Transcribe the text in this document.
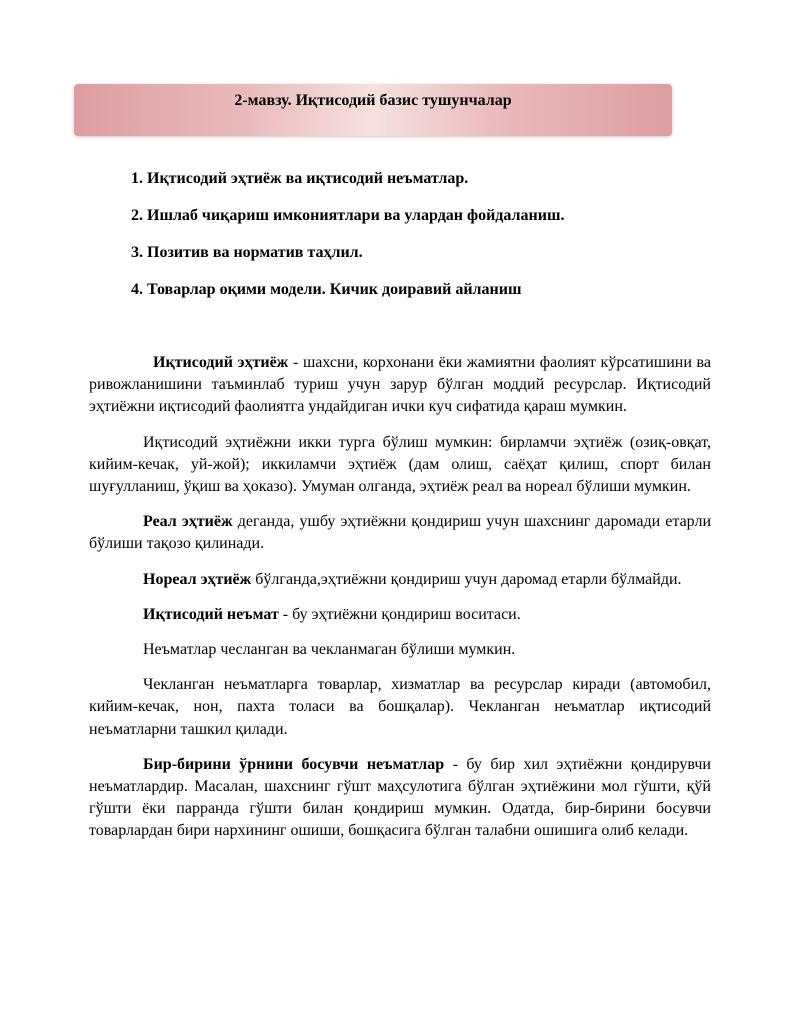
2-мавзу. Иқтисодий базис тушунчалар
1. Иқтисодий эҳтиёж ва иқтисодий неъматлар.
2. Ишлаб чиқариш имкониятлари ва улардан фойдаланиш.
3. Позитив ва норматив таҳлил.
4. Товарлар оқими модели. Кичик доиравий айланиш

Иқтисодий эҳтиёж - шахсни, корхонани ёки жамиятни фаолият кўрсатишини ва ривожланишини таъминлаб туриш учун зарур бўлган моддий ресурслар. Иқтисодий эҳтиёжни иқтисодий фаолиятга ундайдиган ички куч сифатида қараш мумкин.

Иқтисодий эҳтиёжни икки турга бўлиш мумкин: бирламчи эҳтиёж (озиқ-овқат, кийим-кечак, уй-жой); иккиламчи эҳтиёж (дам олиш, саёҳат қилиш, спорт билан шуғулланиш, ўқиш ва ҳоказо). Умуман олганда, эҳтиёж реал ва нореал бўлиши мумкин.

Реал эҳтиёж деганда, ушбу эҳтиёжни қондириш учун шахснинг даромади етарли бўлиши тақозо қилинади.

Нореал эҳтиёж бўлганда,эҳтиёжни қондириш учун даромад етарли бўлмайди.

Иқтисодий неъмат - бу эҳтиёжни қондириш воситаси.

Неъматлар чеcланган ва чекланмаган бўлиши мумкин.

Чекланган неъматларга товарлар, хизматлар ва ресурслар киради (автомобил, кийим-кечак, нон, пахта толаси ва бошқалар). Чекланган неъматлар иқтисодий неъматларни ташкил қилади.

Бир-бирини ўрнини босувчи неъматлар - бу бир хил эҳтиёжни қондирувчи неъматлардир. Масалан, шахснинг гўшт маҳсулотига бўлган эҳтиёжини мол гўшти, қўй гўшти ёки парранда гўшти билан қондириш мумкин. Одатда, бир-бирини босувчи товарлардан бири нархининг ошиши, бошқасига бўлган талабни ошишига олиб келади.
